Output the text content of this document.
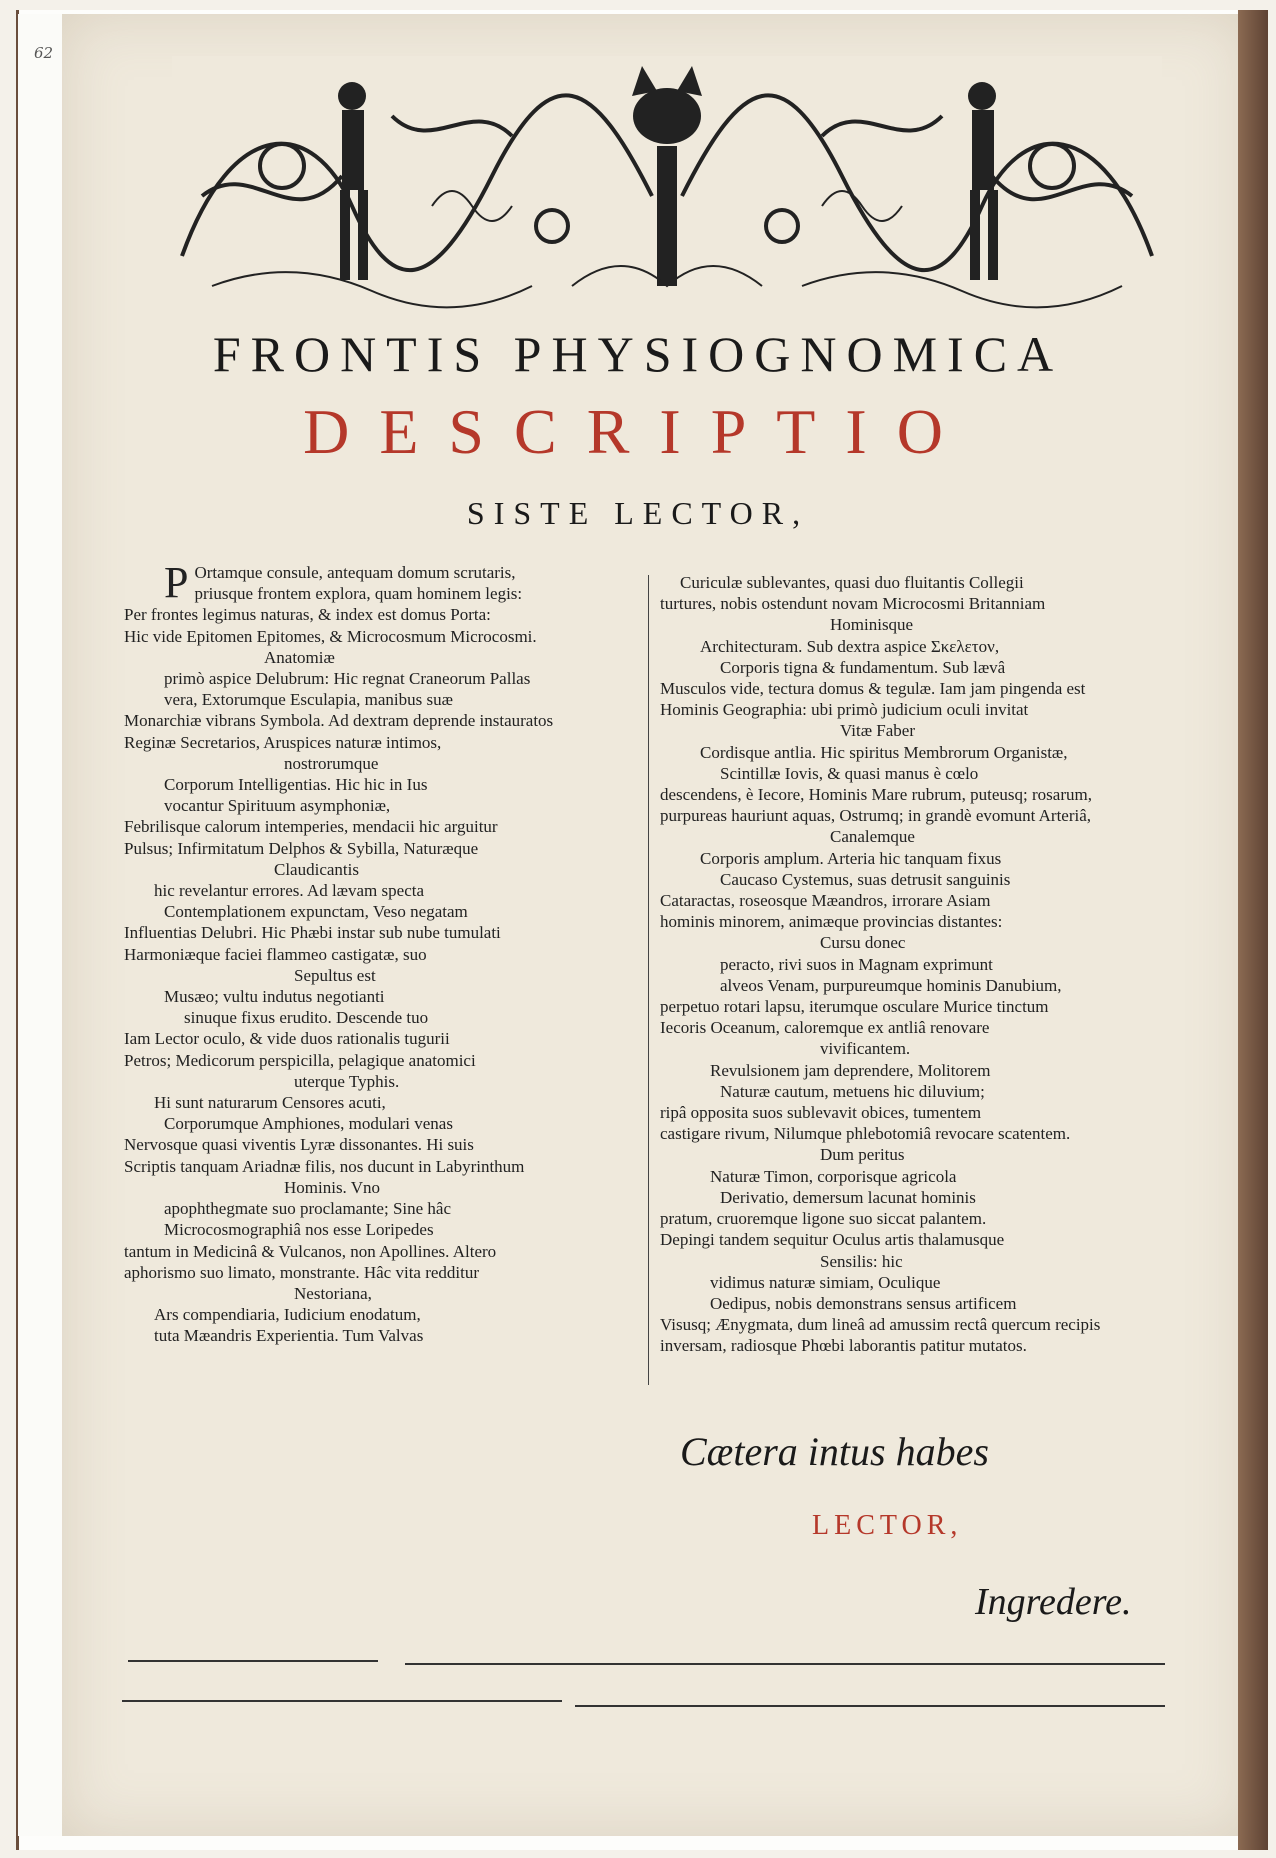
62
FRONTIS PHYSIOGNOMICA
DESCRIPTIO
SISTE LECTOR,
P Ortamque consule, antequam domum scrutaris,

priusque frontem explora, quam hominem legis:

Per frontes legimus naturas, & index est domus Porta:

Hic vide Epitomen Epitomes, & Microcosmum Microcosmi.

Anatomiæ

primò aspice Delubrum: Hic regnat Craneorum Pallas

vera, Extorumque Esculapia, manibus suæ

Monarchiæ vibrans Symbola. Ad dextram deprende instauratos

Reginæ Secretarios, Aruspices naturæ intimos,

nostrorumque

Corporum Intelligentias. Hic hic in Ius

vocantur Spirituum asymphoniæ,

Febrilisque calorum intemperies, mendacii hic arguitur

Pulsus; Infirmitatum Delphos & Sybilla, Naturæque

Claudicantis

hic revelantur errores. Ad lævam specta

Contemplationem expunctam, Veso negatam

Influentias Delubri. Hic Phæbi instar sub nube tumulati

Harmoniæque faciei flammeo castigatæ, suo

Sepultus est

Musæo; vultu indutus negotianti

sinuque fixus erudito. Descende tuo

Iam Lector oculo, & vide duos rationalis tugurii

Petros; Medicorum perspicilla, pelagique anatomici

uterque Typhis.

Hi sunt naturarum Censores acuti,

Corporumque Amphiones, modulari venas

Nervosque quasi viventis Lyræ dissonantes. Hi suis

Scriptis tanquam Ariadnæ filis, nos ducunt in Labyrinthum

Hominis. Vno

apophthegmate suo proclamante; Sine hâc

Microcosmographiâ nos esse Loripedes

tantum in Medicinâ & Vulcanos, non Apollines. Altero

aphorismo suo limato, monstrante. Hâc vita redditur

Nestoriana,

Ars compendiaria, Iudicium enodatum,

tuta Mæandris Experientia. Tum Valvas

Curiculæ sublevantes, quasi duo fluitantis Collegii

turtures, nobis ostendunt novam Microcosmi Britanniam

Hominisque

Architecturam. Sub dextra aspice Σκελετον,

Corporis tigna & fundamentum. Sub lævâ

Musculos vide, tectura domus & tegulæ. Iam jam pingenda est

Hominis Geographia: ubi primò judicium oculi invitat

Vitæ Faber

Cordisque antlia. Hic spiritus Membrorum Organistæ,

Scintillæ Iovis, & quasi manus è cœlo

descendens, è Iecore, Hominis Mare rubrum, puteusq; rosarum,

purpureas hauriunt aquas, Ostrumq; in grandè evomunt Arteriâ,

Canalemque

Corporis amplum. Arteria hic tanquam fixus

Caucaso Cystemus, suas detrusit sanguinis

Cataractas, roseosque Mæandros, irrorare Asiam

hominis minorem, animæque provincias distantes:

Cursu donec

peracto, rivi suos in Magnam exprimunt

alveos Venam, purpureumque hominis Danubium,

perpetuo rotari lapsu, iterumque osculare Murice tinctum

Iecoris Oceanum, caloremque ex antliâ renovare

vivificantem.

Revulsionem jam deprendere, Molitorem

Naturæ cautum, metuens hic diluvium;

ripâ opposita suos sublevavit obices, tumentem

castigare rivum, Nilumque phlebotomiâ revocare scatentem.

Dum peritus

Naturæ Timon, corporisque agricola

Derivatio, demersum lacunat hominis

pratum, cruoremque ligone suo siccat palantem.

Depingi tandem sequitur Oculus artis thalamusque

Sensilis: hic

vidimus naturæ simiam, Oculique

Oedipus, nobis demonstrans sensus artificem

Visusq; Ænygmata, dum lineâ ad amussim rectâ quercum recipis

inversam, radiosque Phœbi laborantis patitur mutatos.

Cætera intus habes
LECTOR,
Ingredere.
